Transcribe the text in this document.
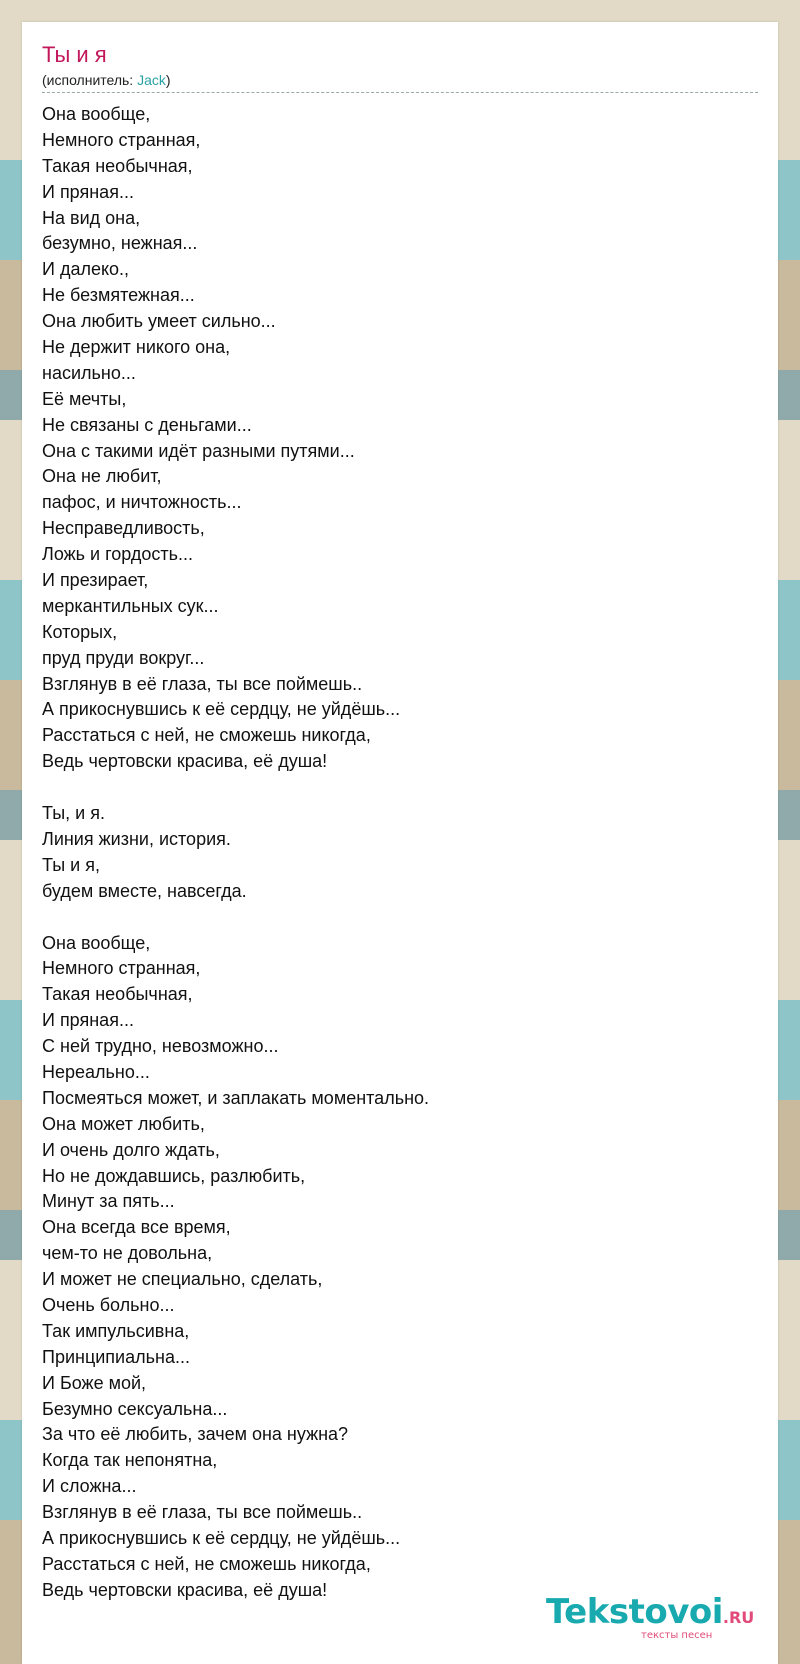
Ты и я
(исполнитель: Jack)
Она вообще,
Немного странная,
Такая необычная,
И пряная...
На вид она,
безумно, нежная...
И далеко.,
Не безмятежная...
Она любить умеет сильно...
Не держит никого она,
насильно...
Её мечты,
Не связаны с деньгами...
Она с такими идёт разными путями...
Она не любит,
пафос, и ничтожность...
Несправедливость,
Ложь и гордость...
И презирает,
меркантильных сук...
Которых,
пруд пруди вокруг...
Взглянув в её глаза, ты все поймешь..
А прикоснувшись к её сердцу, не уйдёшь...
Расстаться с ней, не сможешь никогда,
Ведь чертовски красива, её душа!
Ты, и я.
Линия жизни, история.
Ты и я,
будем вместе, навсегда.
Она вообще,
Немного странная,
Такая необычная,
И пряная...
С ней трудно, невозможно...
Нереально...
Посмеяться может, и заплакать моментально.
Она может любить,
И очень долго ждать,
Но не дождавшись, разлюбить,
Минут за пять...
Она всегда все время,
чем-то не довольна,
И может не специально, сделать,
Очень больно...
Так импульсивна,
Принципиальна...
И Боже мой,
Безумно сексуальна...
За что её любить, зачем она нужна?
Когда так непонятна,
И сложна...
Взглянув в её глаза, ты все поймешь..
А прикоснувшись к её сердцу, не уйдёшь...
Расстаться с ней, не сможешь никогда,
Ведь чертовски красива, её душа!
Tekstovoi.RU
тексты песен
